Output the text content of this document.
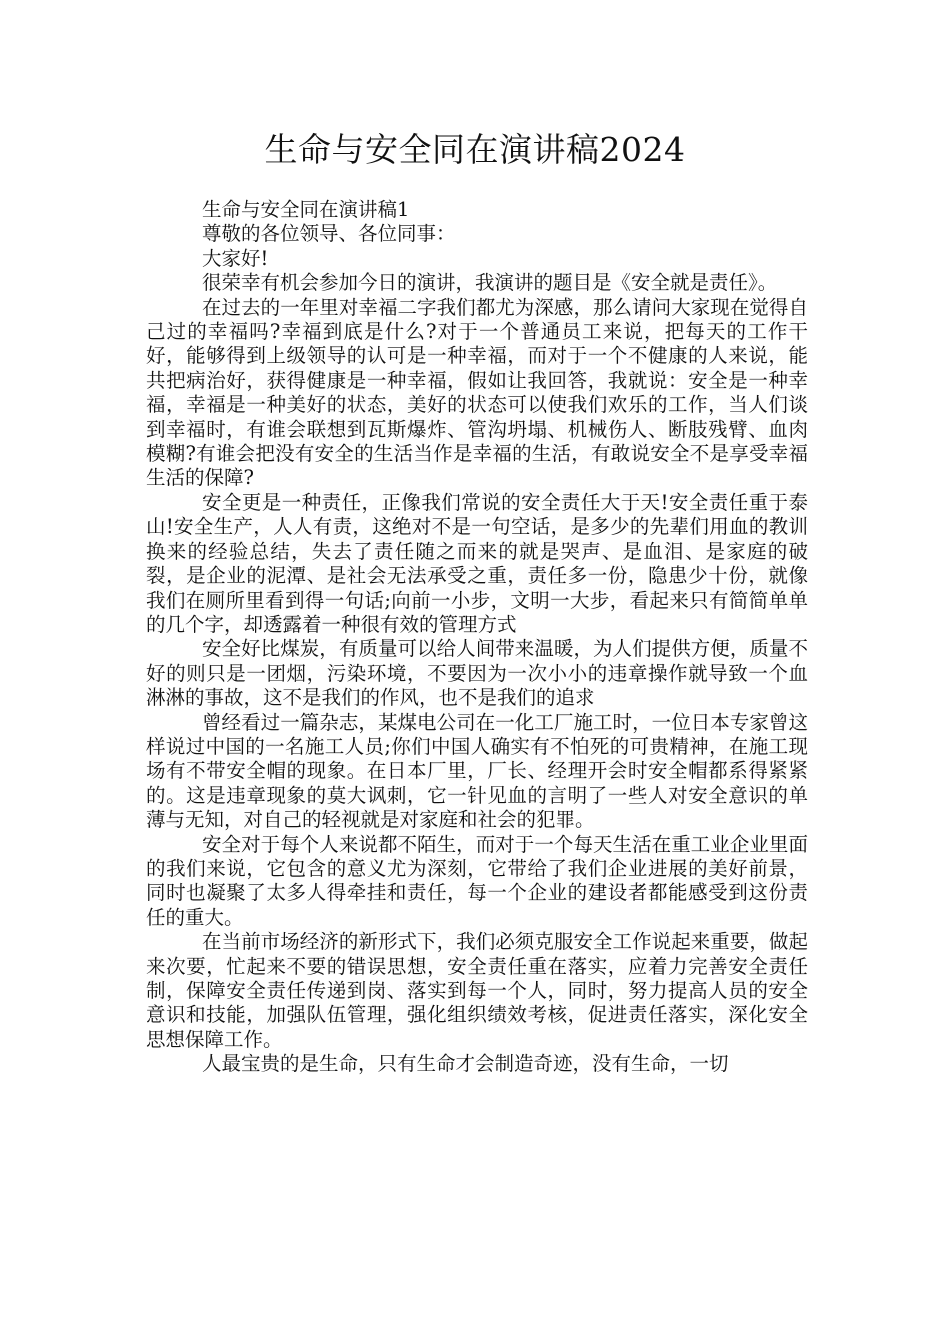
生命与安全同在演讲稿2024

生命与安全同在演讲稿1

尊敬的各位领导、各位同事：

大家好!

很荣幸有机会参加今日的演讲，我演讲的题目是《安全就是责任》。

在过去的一年里对幸福二字我们都尤为深感，那么请问大家现在觉得自己过的幸福吗?幸福到底是什么?对于一个普通员工来说，把每天的工作干好，能够得到上级领导的认可是一种幸福，而对于一个不健康的人来说，能共把病治好，获得健康是一种幸福，假如让我回答，我就说：安全是一种幸福，幸福是一种美好的状态，美好的状态可以使我们欢乐的工作，当人们谈到幸福时，有谁会联想到瓦斯爆炸、管沟坍塌、机械伤人、断肢残臂、血肉模糊?有谁会把没有安全的生活当作是幸福的生活，有敢说安全不是享受幸福生活的保障?

安全更是一种责任，正像我们常说的安全责任大于天!安全责任重于泰山!安全生产，人人有责，这绝对不是一句空话，是多少的先辈们用血的教训换来的经验总结，失去了责任随之而来的就是哭声、是血泪、是家庭的破裂，是企业的泥潭、是社会无法承受之重，责任多一份，隐患少十份，就像我们在厕所里看到得一句话;向前一小步，文明一大步，看起来只有简简单单的几个字，却透露着一种很有效的管理方式

安全好比煤炭，有质量可以给人间带来温暖，为人们提供方便，质量不好的则只是一团烟，污染环境，不要因为一次小小的违章操作就导致一个血淋淋的事故，这不是我们的作风，也不是我们的追求

曾经看过一篇杂志，某煤电公司在一化工厂施工时，一位日本专家曾这样说过中国的一名施工人员;你们中国人确实有不怕死的可贵精神，在施工现场有不带安全帽的现象。在日本厂里，厂长、经理开会时安全帽都系得紧紧的。这是违章现象的莫大讽刺，它一针见血的言明了一些人对安全意识的单薄与无知，对自己的轻视就是对家庭和社会的犯罪。

安全对于每个人来说都不陌生，而对于一个每天生活在重工业企业里面的我们来说，它包含的意义尤为深刻，它带给了我们企业进展的美好前景，同时也凝聚了太多人得牵挂和责任，每一个企业的建设者都能感受到这份责任的重大。

在当前市场经济的新形式下，我们必须克服安全工作说起来重要，做起来次要，忙起来不要的错误思想，安全责任重在落实，应着力完善安全责任制，保障安全责任传递到岗、落实到每一个人，同时，努力提高人员的安全意识和技能，加强队伍管理，强化组织绩效考核，促进责任落实，深化安全思想保障工作。

人最宝贵的是生命，只有生命才会制造奇迹，没有生命，一切
